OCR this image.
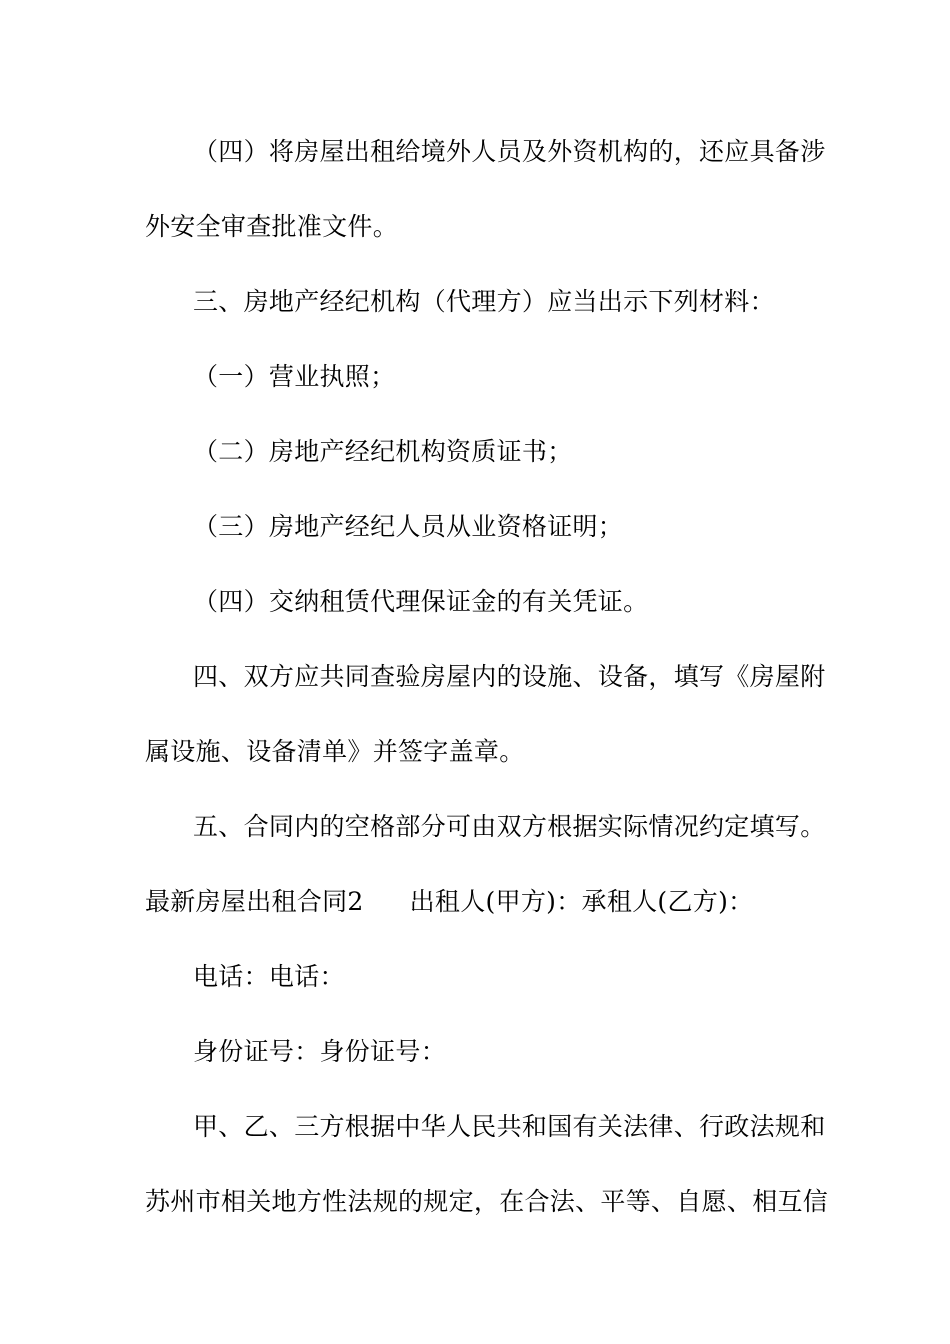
（四）将房屋出租给境外人员及外资机构的，还应具备涉
外安全审查批准文件。
三、房地产经纪机构（代理方）应当出示下列材料：
（一）营业执照；
（二）房地产经纪机构资质证书；
（三）房地产经纪人员从业资格证明；
（四）交纳租赁代理保证金的有关凭证。
四、双方应共同查验房屋内的设施、设备，填写《房屋附
属设施、设备清单》并签字盖章。
五、合同内的空格部分可由双方根据实际情况约定填写。
最新房屋出租合同2 出租人(甲方)：承租人(乙方)：
电话：电话：
身份证号：身份证号：
甲、乙、三方根据中华人民共和国有关法律、行政法规和
苏州市相关地方性法规的规定，在合法、平等、自愿、相互信
